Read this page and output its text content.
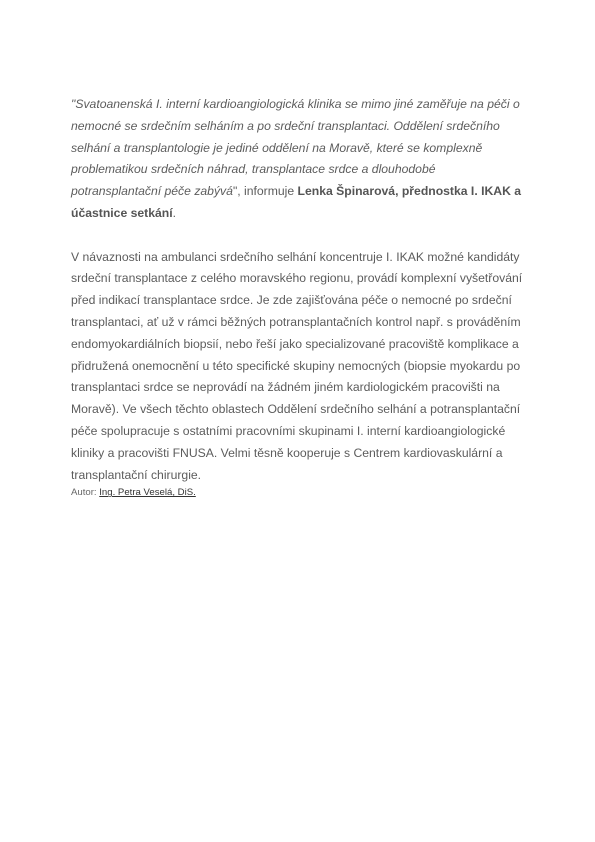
"Svatoanenská I. interní kardioangiologická klinika se mimo jiné zaměřuje na péči o nemocné se srdečním selháním a po srdeční transplantaci. Oddělení srdečního selhání a transplantologie je jediné oddělení na Moravě, které se komplexně problematikou srdečních náhrad, transplantace srdce a dlouhodobé potransplantační péče zabývá", informuje Lenka Špinarová, přednostka I. IKAK a účastnice setkání.

V návaznosti na ambulanci srdečního selhání koncentruje I. IKAK možné kandidáty srdeční transplantace z celého moravského regionu, provádí komplexní vyšetřování před indikací transplantace srdce. Je zde zajišťována péče o nemocné po srdeční transplantaci, ať už v rámci běžných potransplantačních kontrol např. s prováděním endomyokardiálních biopsií, nebo řeší jako specializované pracoviště komplikace a přidružená onemocnění u této specifické skupiny nemocných (biopsie myokardu po transplantaci srdce se neprovádí na žádném jiném kardiologickém pracovišti na Moravě). Ve všech těchto oblastech Oddělení srdečního selhání a potransplantační péče spolupracuje s ostatními pracovními skupinami I. interní kardioangiologické kliniky a pracovišti FNUSA. Velmi těsně kooperuje s Centrem kardiovaskulární a transplantační chirurgie.

Autor: Ing. Petra Veselá, DiS.
